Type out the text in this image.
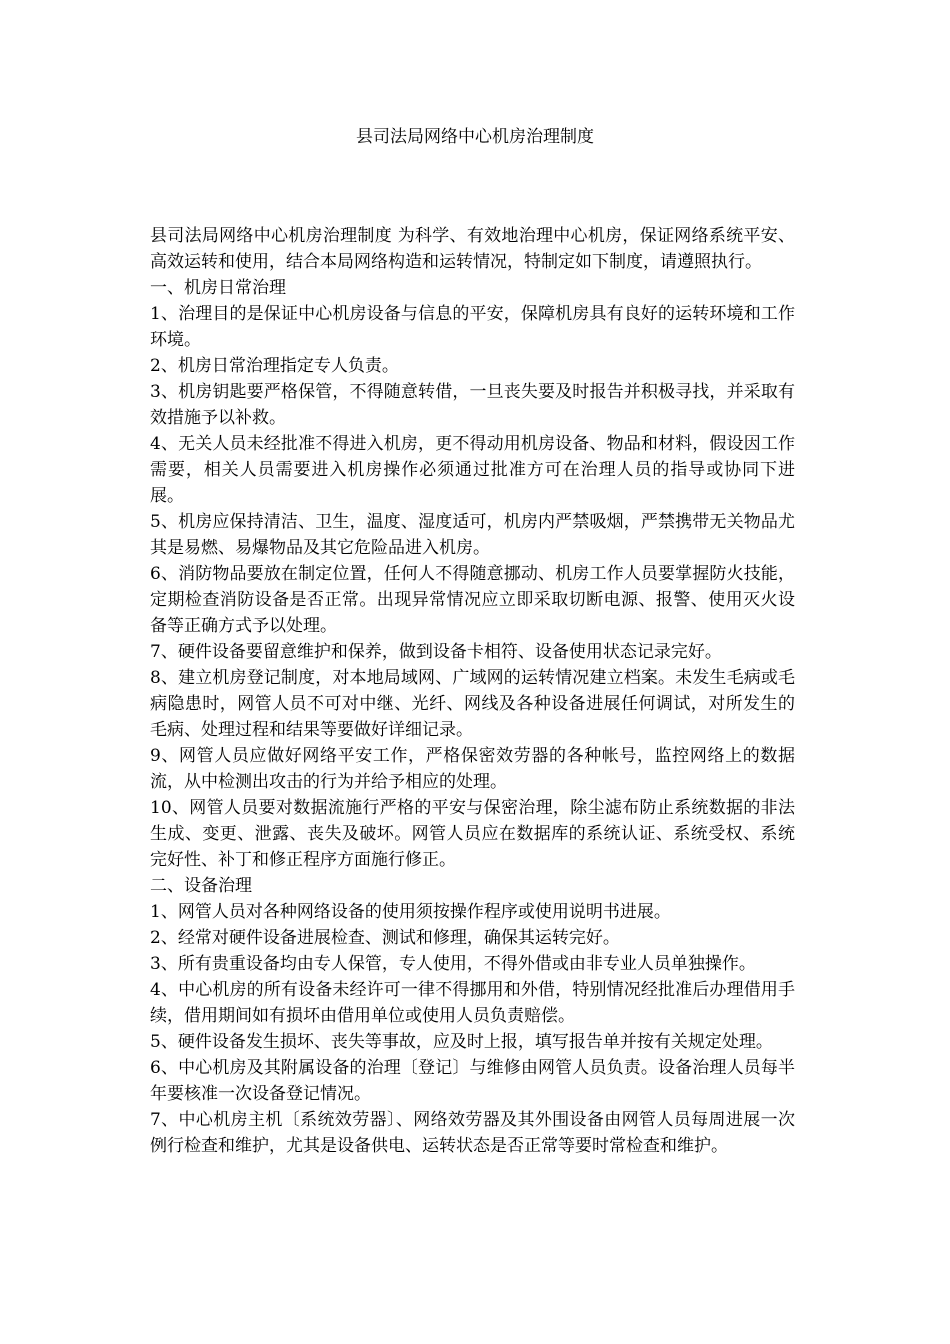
县司法局网络中心机房治理制度

县司法局网络中心机房治理制度 为科学、有效地治理中心机房，保证网络系统平安、高效运转和使用，结合本局网络构造和运转情况，特制定如下制度，请遵照执行。

一、机房日常治理

1、治理目的是保证中心机房设备与信息的平安，保障机房具有良好的运转环境和工作环境。

2、机房日常治理指定专人负责。

3、机房钥匙要严格保管，不得随意转借，一旦丧失要及时报告并积极寻找，并采取有效措施予以补救。

4、无关人员未经批准不得进入机房，更不得动用机房设备、物品和材料，假设因工作需要，相关人员需要进入机房操作必须通过批准方可在治理人员的指导或协同下进展。

5、机房应保持清洁、卫生，温度、湿度适可，机房内严禁吸烟，严禁携带无关物品尤其是易燃、易爆物品及其它危险品进入机房。

6、消防物品要放在制定位置，任何人不得随意挪动、机房工作人员要掌握防火技能，定期检查消防设备是否正常。出现异常情况应立即采取切断电源、报警、使用灭火设备等正确方式予以处理。

7、硬件设备要留意维护和保养，做到设备卡相符、设备使用状态记录完好。

8、建立机房登记制度，对本地局域网、广域网的运转情况建立档案。未发生毛病或毛病隐患时，网管人员不可对中继、光纤、网线及各种设备进展任何调试，对所发生的毛病、处理过程和结果等要做好详细记录。

9、网管人员应做好网络平安工作，严格保密效劳器的各种帐号，监控网络上的数据流，从中检测出攻击的行为并给予相应的处理。

10、网管人员要对数据流施行严格的平安与保密治理，除尘滤布防止系统数据的非法生成、变更、泄露、丧失及破坏。网管人员应在数据库的系统认证、系统受权、系统完好性、补丁和修正程序方面施行修正。

二、设备治理

1、网管人员对各种网络设备的使用须按操作程序或使用说明书进展。

2、经常对硬件设备进展检查、测试和修理，确保其运转完好。

3、所有贵重设备均由专人保管，专人使用，不得外借或由非专业人员单独操作。

4、中心机房的所有设备未经许可一律不得挪用和外借，特别情况经批准后办理借用手续，借用期间如有损坏由借用单位或使用人员负责赔偿。

5、硬件设备发生损坏、丧失等事故，应及时上报，填写报告单并按有关规定处理。

6、中心机房及其附属设备的治理〔登记〕与维修由网管人员负责。设备治理人员每半年要核准一次设备登记情况。

7、中心机房主机〔系统效劳器〕、网络效劳器及其外围设备由网管人员每周进展一次例行检查和维护，尤其是设备供电、运转状态是否正常等要时常检查和维护。
